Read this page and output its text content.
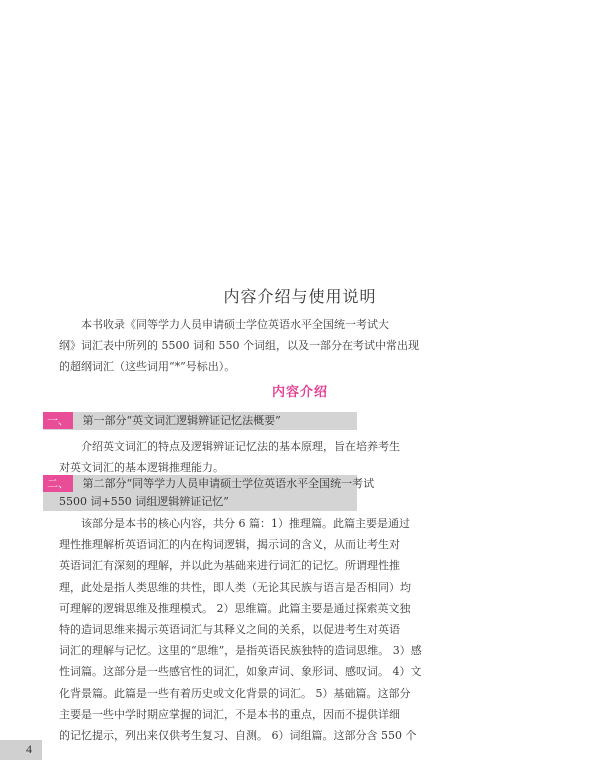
内容介绍与使用说明
本书收录《同等学力人员申请硕士学位英语水平全国统一考试大
纲》词汇表中所列的 5500 词和 550 个词组，以及一部分在考试中常出现
的超纲词汇（这些词用“*”号标出）。
内容介绍
一、 第一部分“英文词汇逻辑辨证记忆法概要”
介绍英文词汇的特点及逻辑辨证记忆法的基本原理，旨在培养考生
对英文词汇的基本逻辑推理能力。
二、 第二部分“同等学力人员申请硕士学位英语水平全国统一考试
5500 词+550 词组逻辑辨证记忆”
该部分是本书的核心内容，共分 6 篇：1）推理篇。此篇主要是通过
理性推理解析英语词汇的内在构词逻辑，揭示词的含义，从而让考生对
英语词汇有深刻的理解，并以此为基础来进行词汇的记忆。所谓理性推
理，此处是指人类思维的共性，即人类（无论其民族与语言是否相同）均
可理解的逻辑思维及推理模式。 2）思维篇。此篇主要是通过探索英文独
特的造词思维来揭示英语词汇与其释义之间的关系，以促进考生对英语
词汇的理解与记忆。这里的“思维”，是指英语民族独特的造词思维。 3）感
性词篇。这部分是一些感官性的词汇，如象声词、象形词、感叹词。 4）文
化背景篇。此篇是一些有着历史或文化背景的词汇。 5）基础篇。这部分
主要是一些中学时期应掌握的词汇，不是本书的重点，因而不提供详细
的记忆提示，列出来仅供考生复习、自测。 6）词组篇。这部分含 550 个
4
